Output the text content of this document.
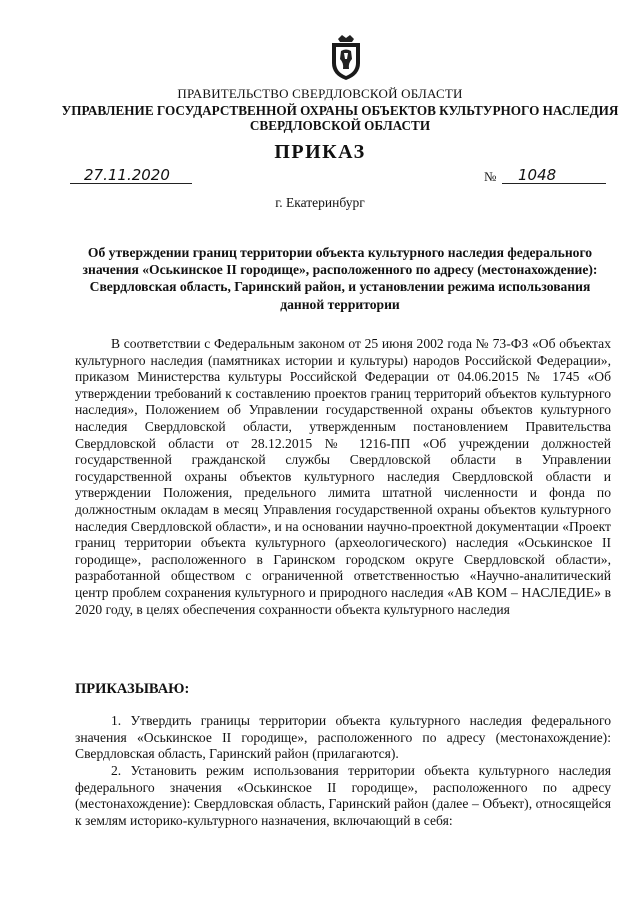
ПРАВИТЕЛЬСТВО СВЕРДЛОВСКОЙ ОБЛАСТИ
УПРАВЛЕНИЕ ГОСУДАРСТВЕННОЙ ОХРАНЫ ОБЪЕКТОВ КУЛЬТУРНОГО НАСЛЕДИЯ СВЕРДЛОВСКОЙ ОБЛАСТИ
ПРИКАЗ
27.11.2020	№	1048
г. Екатеринбург
Об утверждении границ территории объекта культурного наследия федерального значения «Оськинское II городище», расположенного по адресу (местонахождение): Свердловская область, Гаринский район, и установлении режима использования данной территории
В соответствии с Федеральным законом от 25 июня 2002 года № 73-ФЗ «Об объектах культурного наследия (памятниках истории и культуры) народов Российской Федерации», приказом Министерства культуры Российской Федерации от 04.06.2015 № 1745 «Об утверждении требований к составлению проектов границ территорий объектов культурного наследия», Положением об Управлении государственной охраны объектов культурного наследия Свердловской области, утвержденным постановлением Правительства Свердловской области от 28.12.2015 № 1216-ПП «Об учреждении должностей государственной гражданской службы Свердловской области в Управлении государственной охраны объектов культурного наследия Свердловской области и утверждении Положения, предельного лимита штатной численности и фонда по должностным окладам в месяц Управления государственной охраны объектов культурного наследия Свердловской области», и на основании научно-проектной документации «Проект границ территории объекта культурного (археологического) наследия «Оськинское II городище», расположенного в Гаринском городском округе Свердловской области», разработанной обществом с ограниченной ответственностью «Научно-аналитический центр проблем сохранения культурного и природного наследия «АВ КОМ – НАСЛЕДИЕ» в 2020 году, в целях обеспечения сохранности объекта культурного наследия
ПРИКАЗЫВАЮ:
1. Утвердить границы территории объекта культурного наследия федерального значения «Оськинское II городище», расположенного по адресу (местонахождение): Свердловская область, Гаринский район (прилагаются).
2. Установить режим использования территории объекта культурного наследия федерального значения «Оськинское II городище», расположенного по адресу (местонахождение): Свердловская область, Гаринский район (далее – Объект), относящейся к землям историко-культурного назначения, включающий в себя:
